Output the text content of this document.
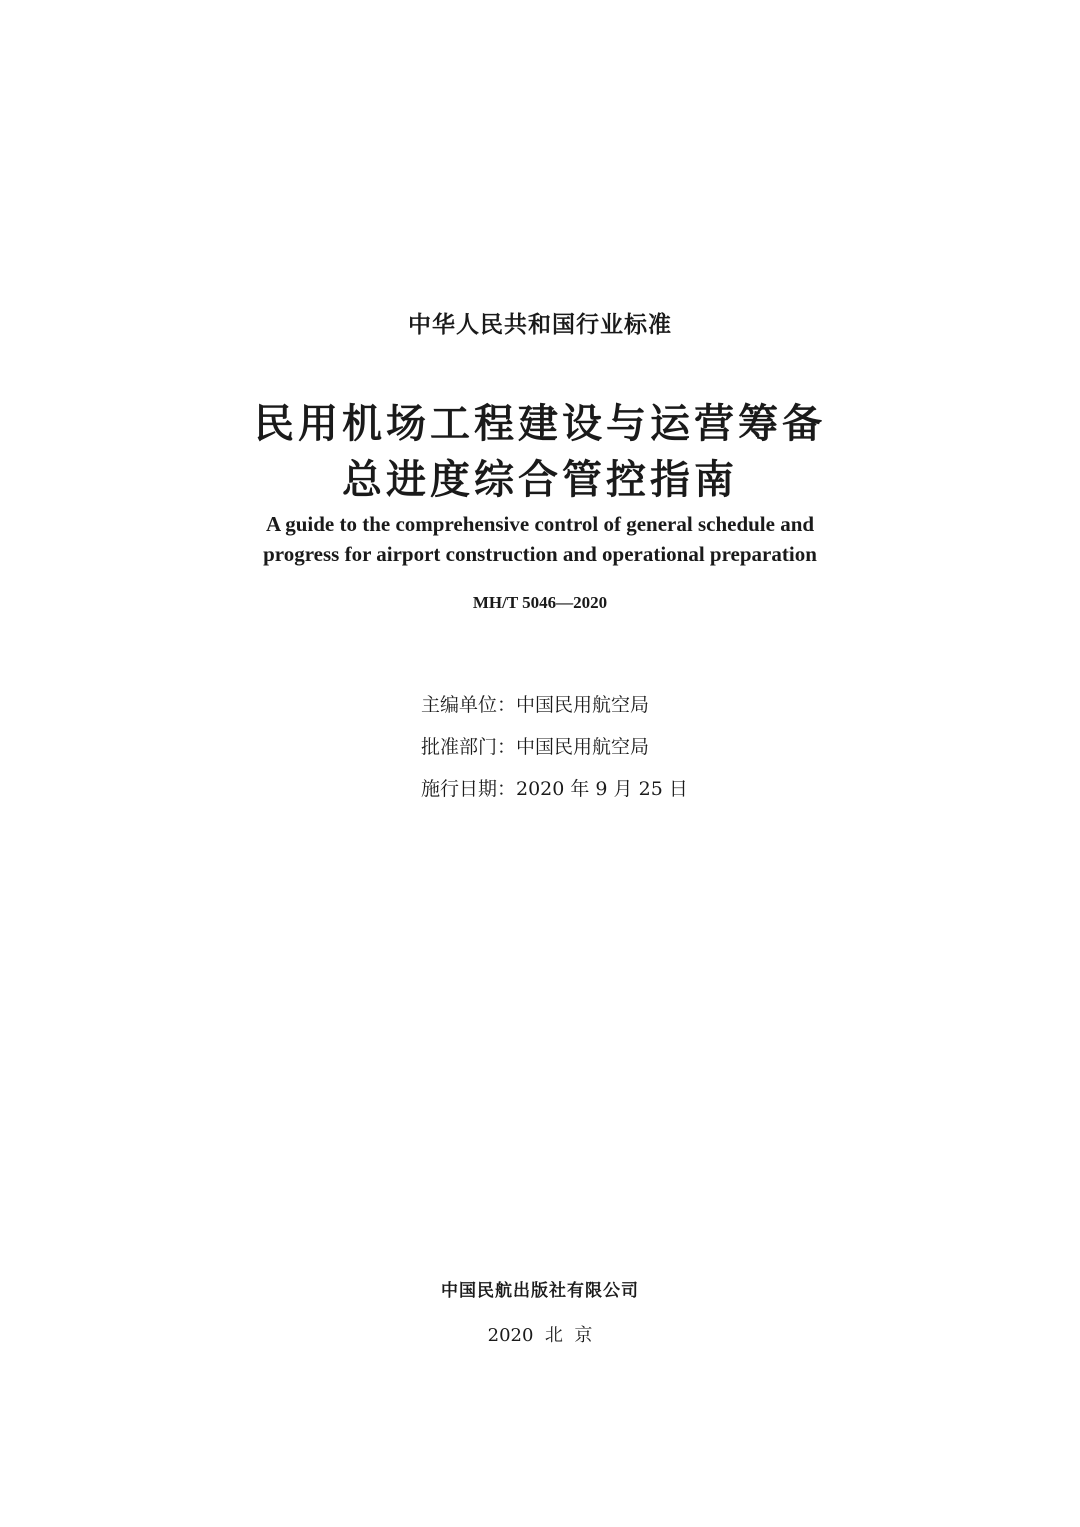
中华人民共和国行业标准
民用机场工程建设与运营筹备
总进度综合管控指南
A guide to the comprehensive control of general schedule and
progress for airport construction and operational preparation
MH/T 5046—2020
主编单位：中国民用航空局
批准部门：中国民用航空局
施行日期：2020 年 9 月 25 日
中国民航出版社有限公司
2020  北  京
